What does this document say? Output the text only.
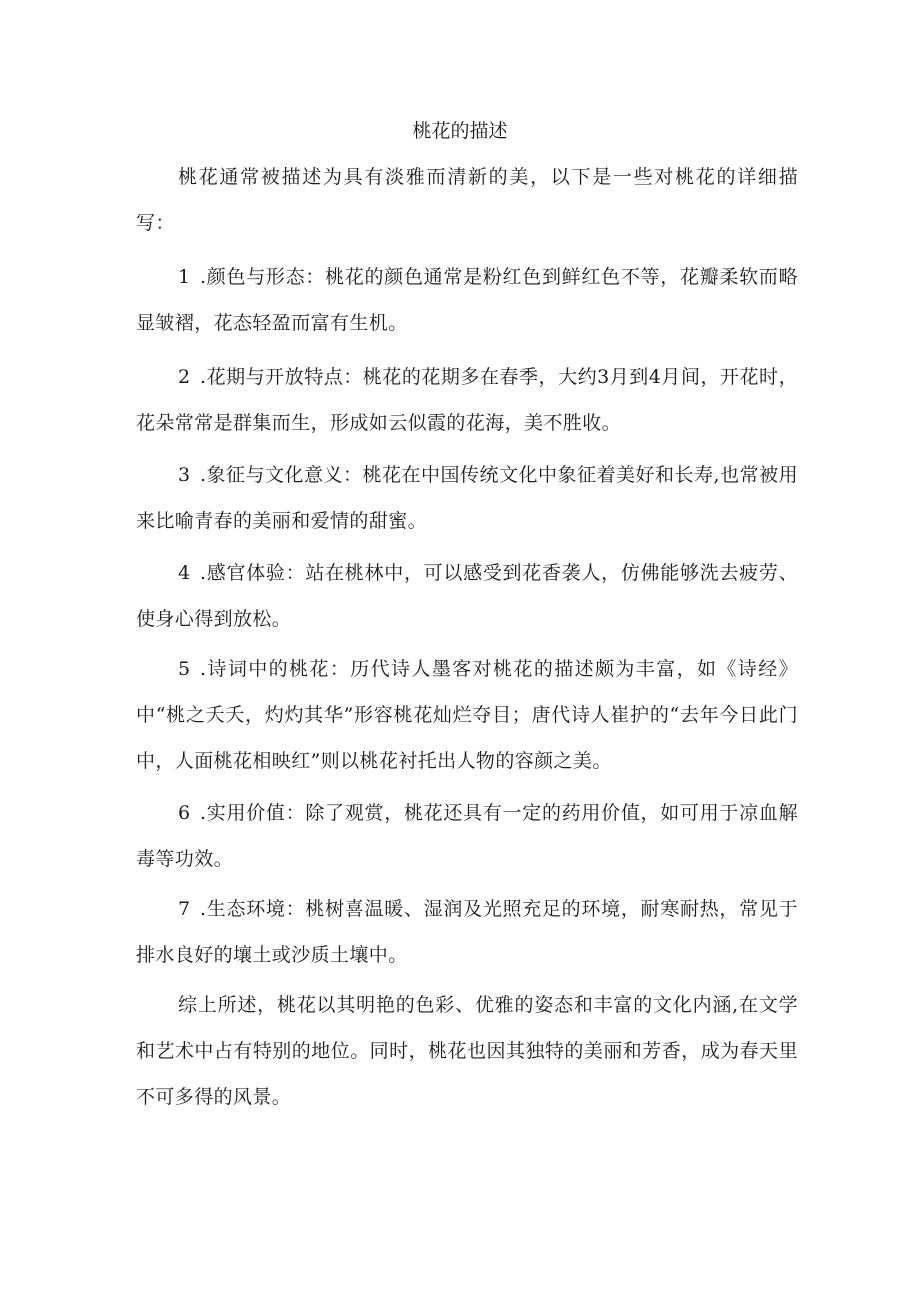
桃花的描述

桃花通常被描述为具有淡雅而清新的美，以下是一些对桃花的详细描写：

1 .颜色与形态：桃花的颜色通常是粉红色到鲜红色不等，花瓣柔软而略显皱褶，花态轻盈而富有生机。

2 .花期与开放特点：桃花的花期多在春季，大约3月到4月间，开花时，花朵常常是群集而生，形成如云似霞的花海，美不胜收。

3 .象征与文化意义：桃花在中国传统文化中象征着美好和长寿,也常被用来比喻青春的美丽和爱情的甜蜜。

4 .感官体验：站在桃林中，可以感受到花香袭人，仿佛能够洗去疲劳、使身心得到放松。

5 .诗词中的桃花：历代诗人墨客对桃花的描述颇为丰富，如《诗经》中“桃之夭夭，灼灼其华”形容桃花灿烂夺目；唐代诗人崔护的“去年今日此门中，人面桃花相映红”则以桃花衬托出人物的容颜之美。

6 .实用价值：除了观赏，桃花还具有一定的药用价值，如可用于凉血解毒等功效。

7 .生态环境：桃树喜温暖、湿润及光照充足的环境，耐寒耐热，常见于排水良好的壤土或沙质土壤中。

综上所述，桃花以其明艳的色彩、优雅的姿态和丰富的文化内涵,在文学和艺术中占有特别的地位。同时，桃花也因其独特的美丽和芳香，成为春天里不可多得的风景。
